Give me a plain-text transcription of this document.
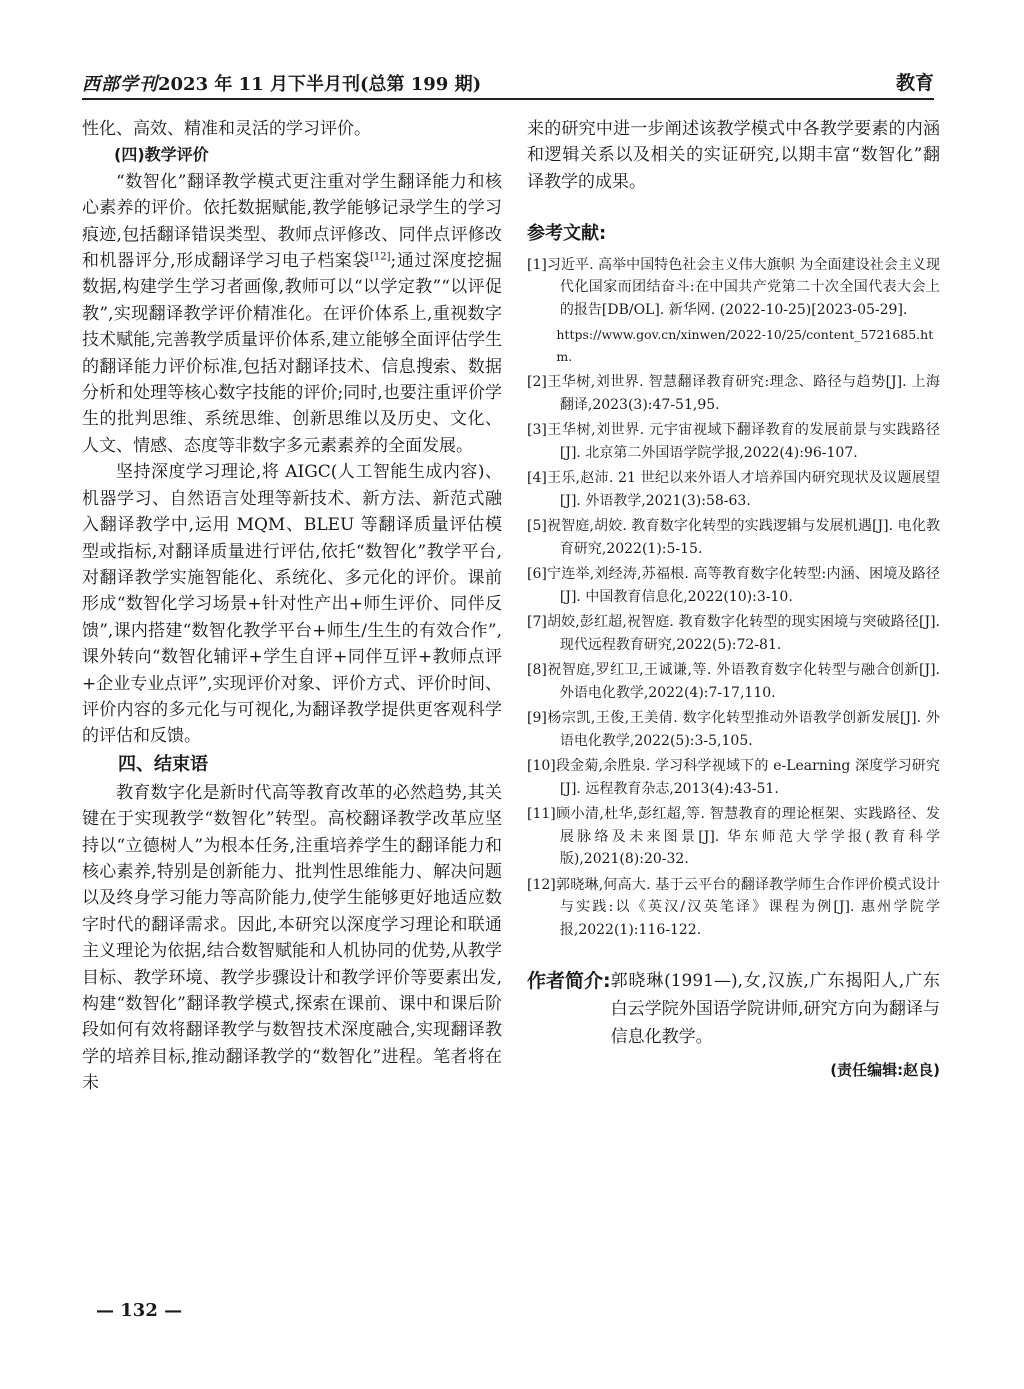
西部学刊2023 年 11 月下半月刊(总第 199 期)	教育

性化、高效、精准和灵活的学习评价。

(四)教学评价

“数智化”翻译教学模式更注重对学生翻译能力和核心素养的评价。依托数据赋能,教学能够记录学生的学习痕迹,包括翻译错误类型、教师点评修改、同伴点评修改和机器评分,形成翻译学习电子档案袋[12];通过深度挖掘数据,构建学生学习者画像,教师可以“以学定教”“以评促教”,实现翻译教学评价精准化。在评价体系上,重视数字技术赋能,完善教学质量评价体系,建立能够全面评估学生的翻译能力评价标准,包括对翻译技术、信息搜索、数据分析和处理等核心数字技能的评价;同时,也要注重评价学生的批判思维、系统思维、创新思维以及历史、文化、人文、情感、态度等非数字多元素素养的全面发展。

坚持深度学习理论,将 AIGC(人工智能生成内容)、机器学习、自然语言处理等新技术、新方法、新范式融入翻译教学中,运用 MQM、BLEU 等翻译质量评估模型或指标,对翻译质量进行评估,依托“数智化”教学平台,对翻译教学实施智能化、系统化、多元化的评价。课前形成“数智化学习场景+针对性产出+师生评价、同伴反馈”,课内搭建“数智化教学平台+师生/生生的有效合作”,课外转向“数智化辅评+学生自评+同伴互评+教师点评+企业专业点评”,实现评价对象、评价方式、评价时间、评价内容的多元化与可视化,为翻译教学提供更客观科学的评估和反馈。

四、结束语

教育数字化是新时代高等教育改革的必然趋势,其关键在于实现教学“数智化”转型。高校翻译教学改革应坚持以“立德树人”为根本任务,注重培养学生的翻译能力和核心素养,特别是创新能力、批判性思维能力、解决问题以及终身学习能力等高阶能力,使学生能够更好地适应数字时代的翻译需求。因此,本研究以深度学习理论和联通主义理论为依据,结合数智赋能和人机协同的优势,从教学目标、教学环境、教学步骤设计和教学评价等要素出发,构建“数智化”翻译教学模式,探索在课前、课中和课后阶段如何有效将翻译教学与数智技术深度融合,实现翻译教学的培养目标,推动翻译教学的“数智化”进程。笔者将在未

来的研究中进一步阐述该教学模式中各教学要素的内涵和逻辑关系以及相关的实证研究,以期丰富“数智化”翻译教学的成果。

参考文献:
[1]习近平. 高举中国特色社会主义伟大旗帜 为全面建设社会主义现代化国家而团结奋斗:在中国共产党第二十次全国代表大会上的报告[DB/OL]. 新华网. (2022-10-25)[2023-05-29].
https://www.gov.cn/xinwen/2022-10/25/content_5721685.htm.
[2]王华树,刘世界. 智慧翻译教育研究:理念、路径与趋势[J]. 上海翻译,2023(3):47-51,95.
[3]王华树,刘世界. 元宇宙视域下翻译教育的发展前景与实践路径[J]. 北京第二外国语学院学报,2022(4):96-107.
[4]王乐,赵沛. 21 世纪以来外语人才培养国内研究现状及议题展望[J]. 外语教学,2021(3):58-63.
[5]祝智庭,胡姣. 教育数字化转型的实践逻辑与发展机遇[J]. 电化教育研究,2022(1):5-15.
[6]宁连举,刘经涛,苏福根. 高等教育数字化转型:内涵、困境及路径[J]. 中国教育信息化,2022(10):3-10.
[7]胡姣,彭红超,祝智庭. 教育数字化转型的现实困境与突破路径[J]. 现代远程教育研究,2022(5):72-81.
[8]祝智庭,罗红卫,王诚谦,等. 外语教育数字化转型与融合创新[J]. 外语电化教学,2022(4):7-17,110.
[9]杨宗凯,王俊,王美倩. 数字化转型推动外语教学创新发展[J]. 外语电化教学,2022(5):3-5,105.
[10]段金菊,余胜泉. 学习科学视域下的 e-Learning 深度学习研究[J]. 远程教育杂志,2013(4):43-51.
[11]顾小清,杜华,彭红超,等. 智慧教育的理论框架、实践路径、发展脉络及未来图景[J]. 华东师范大学学报(教育科学版),2021(8):20-32.
[12]郭晓琳,何高大. 基于云平台的翻译教学师生合作评价模式设计与实践:以《英汉/汉英笔译》课程为例[J]. 惠州学院学报,2022(1):116-122.
作者简介: 郭晓琳(1991—),女,汉族,广东揭阳人,广东白云学院外国语学院讲师,研究方向为翻译与信息化教学。
(责任编辑:赵良)
— 132 —
